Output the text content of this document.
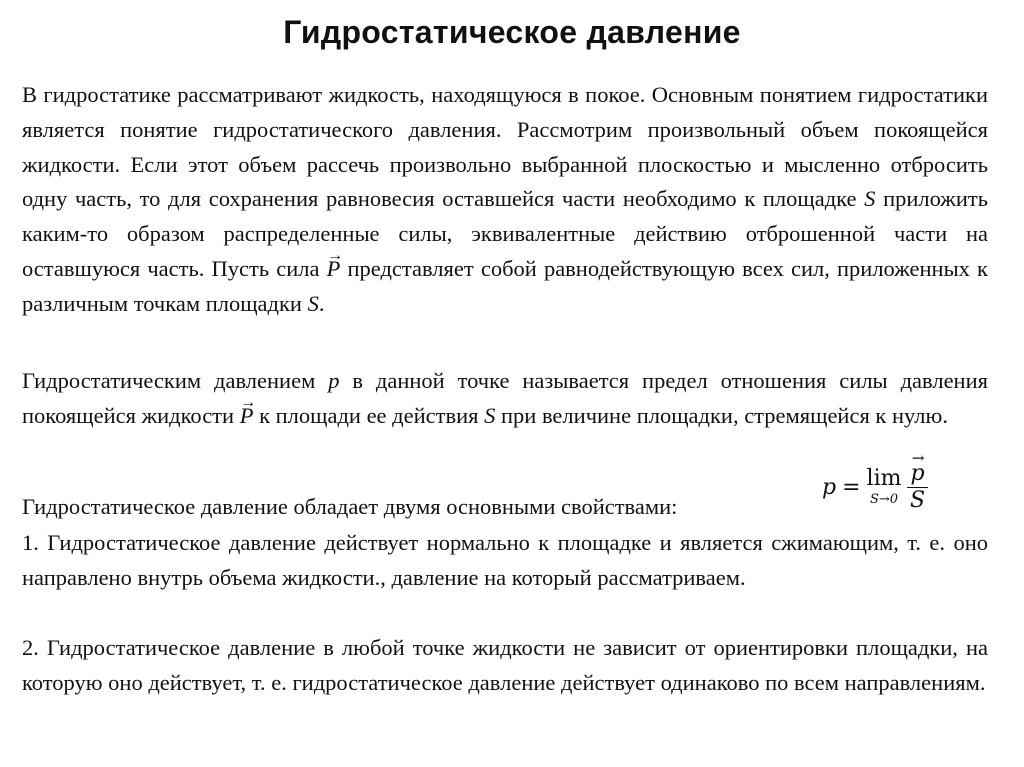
Гидростатическое давление

В гидростатике рассматривают жидкость, находящуюся в покое. Основным понятием гидростатики является понятие гидростатического давления. Рассмотрим произвольный объем покоящейся жидкости. Если этот объем рассечь произвольно выбранной плоскостью и мысленно отбросить одну часть, то для сохранения равновесия оставшейся части необходимо к площадке S приложить каким-то образом распределенные силы, эквивалентные действию отброшенной части на оставшуюся часть. Пусть сила → P представляет собой равнодействующую всех сил, приложенных к различным точкам площадки S.

Гидростатическим давлением p в данной точке называется предел отношения силы давления покоящейся жидкости → P к площади ее действия S при величине площадки, стремящейся к нулю.

p = lim
S→0
→ $\frac{p}{S}$

Гидростатическое давление обладает двумя основными свойствами:

1. Гидростатическое давление действует нормально к площадке и является сжимающим, т. е. оно направлено внутрь объема жидкости., давление на который рассматриваем.

2. Гидростатическое давление в любой точке жидкости не зависит от ориентировки площадки, на которую оно действует, т. е. гидростатическое давление действует одинаково по всем направлениям.
